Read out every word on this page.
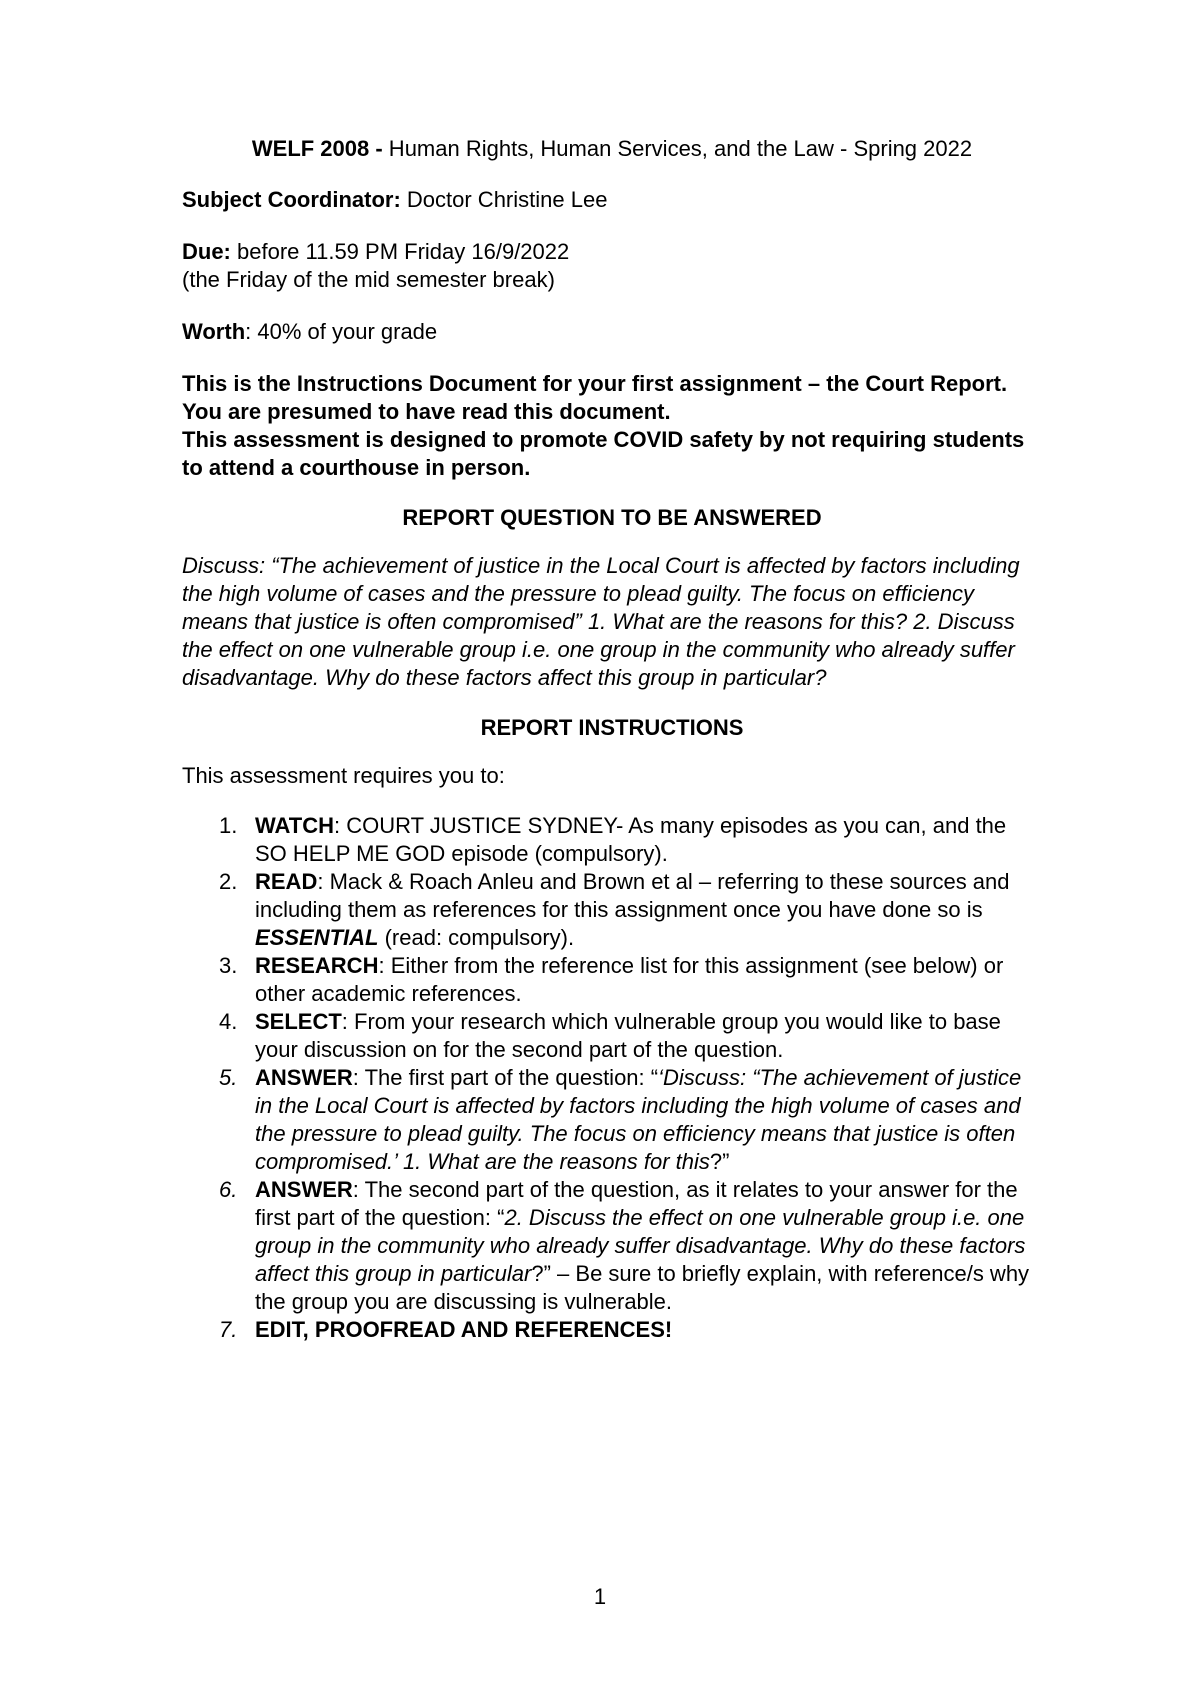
WELF 2008 - Human Rights, Human Services, and the Law - Spring 2022

Subject Coordinator: Doctor Christine Lee

Due: before 11.59 PM Friday 16/9/2022

(the Friday of the mid semester break)

Worth: 40% of your grade

This is the Instructions Document for your first assignment – the Court Report. You are presumed to have read this document.

This assessment is designed to promote COVID safety by not requiring students to attend a courthouse in person.

REPORT QUESTION TO BE ANSWERED

Discuss: “The achievement of justice in the Local Court is affected by factors including the high volume of cases and the pressure to plead guilty. The focus on efficiency means that justice is often compromised” 1. What are the reasons for this? 2. Discuss the effect on one vulnerable group i.e. one group in the community who already suffer disadvantage. Why do these factors affect this group in particular?

REPORT INSTRUCTIONS

This assessment requires you to:

1. WATCH: COURT JUSTICE SYDNEY- As many episodes as you can, and the SO HELP ME GOD episode (compulsory).
2. READ: Mack & Roach Anleu and Brown et al – referring to these sources and including them as references for this assignment once you have done so is ESSENTIAL (read: compulsory).
3. RESEARCH: Either from the reference list for this assignment (see below) or other academic references.
4. SELECT: From your research which vulnerable group you would like to base your discussion on for the second part of the question.
5. ANSWER: The first part of the question: “‘Discuss: “The achievement of justice in the Local Court is affected by factors including the high volume of cases and the pressure to plead guilty. The focus on efficiency means that justice is often compromised.’ 1. What are the reasons for this?”
6. ANSWER: The second part of the question, as it relates to your answer for the first part of the question: “2. Discuss the effect on one vulnerable group i.e. one group in the community who already suffer disadvantage. Why do these factors affect this group in particular?” – Be sure to briefly explain, with reference/s why the group you are discussing is vulnerable.
7. EDIT, PROOFREAD AND REFERENCES!
1
